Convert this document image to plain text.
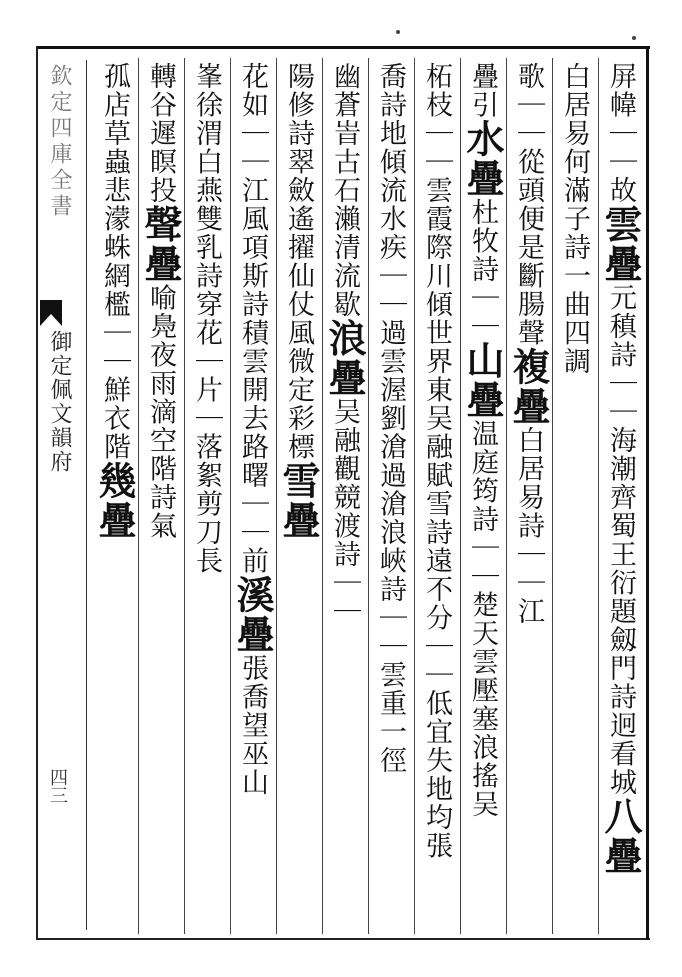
屏幃｜｜故雲疊元稹詩｜｜海潮齊蜀王衍題劔門詩迥看城八疊
白居易何滿子詩一曲四調
歌｜｜從頭便是斷腸聲複疊白居易詩｜｜江
疊引水疊杜牧詩｜｜山疊温庭筠詩｜｜楚天雲壓塞浪搖吴
柘枝｜｜雲霞際川傾世界東吴融賦雪詩遠不分｜｜低宜失地均張
喬詩地傾流水疾｜｜過雲渥劉滄過滄浪峽詩｜｜雲重一徑
幽蒼峕古石瀨清流歇浪疊吴融觀競渡詩｜｜
陽修詩翠斂遙擢仙仗風微定彩標雪疊
花如｜｜江風項斯詩積雲開去路曙｜｜前溪疊張喬望巫山
峯徐渭白燕雙乳詩穿花｜片｜落絮剪刀長
轉谷遲瞑投聲疊喻鳧夜雨滴空階詩氣
孤店草蟲悲濛蛛網檻｜｜鮮衣階幾疊
欽定四庫全書
御定佩文韻府
四三
